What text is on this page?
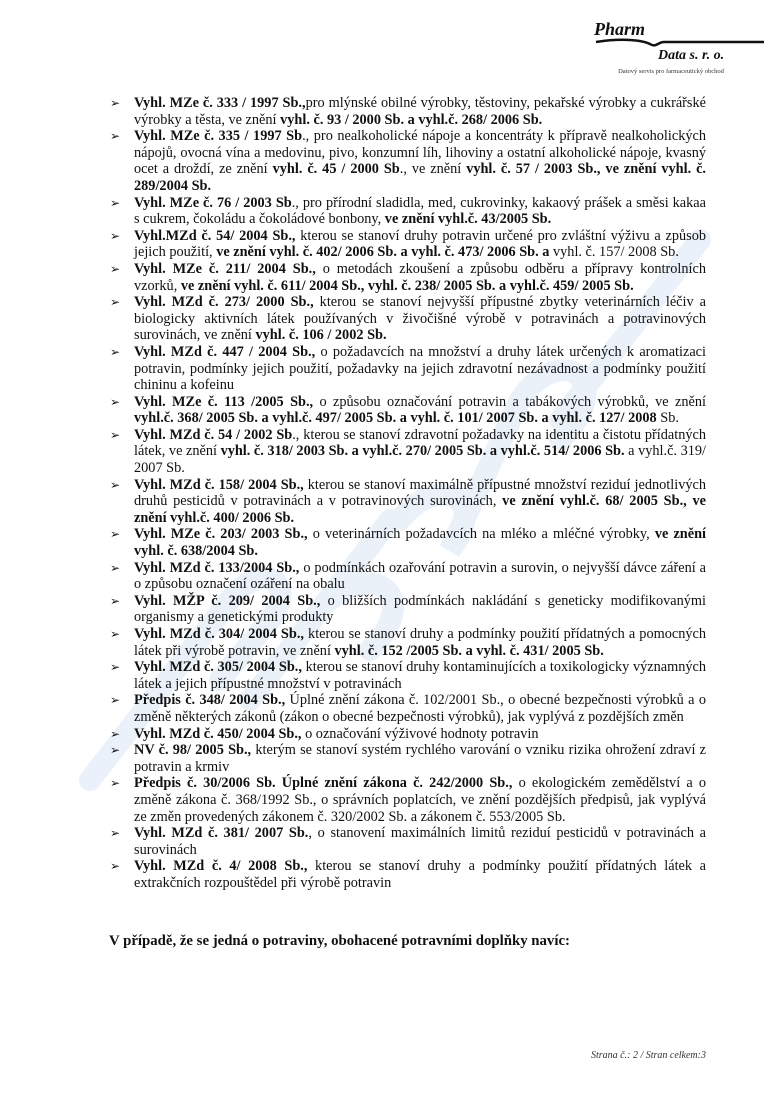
Pharm
Data s. r. o.
Datový servis pro farmaceutický obchod
➢ Vyhl. MZe č. 333 / 1997 Sb.,pro mlýnské obilné výrobky, těstoviny, pekařské výrobky a cukrářské výrobky a těsta, ve znění vyhl. č. 93 / 2000 Sb. a vyhl.č. 268/ 2006 Sb.
➢ Vyhl. MZe č. 335 / 1997 Sb., pro nealkoholické nápoje a koncentráty k přípravě nealkoholických nápojů, ovocná vína a medovinu, pivo, konzumní líh, lihoviny a ostatní alkoholické nápoje, kvasný ocet a droždí, ze znění vyhl. č. 45 / 2000 Sb., ve znění vyhl. č. 57 / 2003 Sb., ve znění vyhl. č. 289/2004 Sb.
➢ Vyhl. MZe č. 76 / 2003 Sb., pro přírodní sladidla, med, cukrovinky, kakaový prášek a směsi kakaa s cukrem, čokoládu a čokoládové bonbony, ve znění vyhl.č. 43/2005 Sb.
➢ Vyhl.MZd č. 54/ 2004 Sb., kterou se stanoví druhy potravin určené pro zvláštní výživu a způsob jejich použití, ve znění vyhl. č. 402/ 2006 Sb. a vyhl. č. 473/ 2006 Sb. a vyhl. č. 157/ 2008 Sb.
➢ Vyhl. MZe č. 211/ 2004 Sb., o metodách zkoušení a způsobu odběru a přípravy kontrolních vzorků, ve znění vyhl. č. 611/ 2004 Sb., vyhl. č. 238/ 2005 Sb. a vyhl.č. 459/ 2005 Sb.
➢ Vyhl. MZd č. 273/ 2000 Sb., kterou se stanoví nejvyšší přípustné zbytky veterinárních léčiv a biologicky aktivních látek používaných v živočišné výrobě v potravinách a potravinových surovinách, ve znění vyhl. č. 106 / 2002 Sb.
➢ Vyhl. MZd č. 447 / 2004 Sb., o požadavcích na množství a druhy látek určených k aromatizaci potravin, podmínky jejich použití, požadavky na jejich zdravotní nezávadnost a podmínky použití chininu a kofeinu
➢ Vyhl. MZe č. 113 /2005 Sb., o způsobu označování potravin a tabákových výrobků, ve znění vyhl.č. 368/ 2005 Sb. a vyhl.č. 497/ 2005 Sb. a vyhl. č. 101/ 2007 Sb. a vyhl. č. 127/ 2008 Sb.
➢ Vyhl. MZd č. 54 / 2002 Sb., kterou se stanoví zdravotní požadavky na identitu a čistotu přídatných látek, ve znění vyhl. č. 318/ 2003 Sb. a vyhl.č. 270/ 2005 Sb. a vyhl.č. 514/ 2006 Sb. a vyhl.č. 319/ 2007 Sb.
➢ Vyhl. MZd č. 158/ 2004 Sb., kterou se stanoví maximálně přípustné množství reziduí jednotlivých druhů pesticidů v potravinách a v potravinových surovinách, ve znění vyhl.č. 68/ 2005 Sb., ve znění vyhl.č. 400/ 2006 Sb.
➢ Vyhl. MZe č. 203/ 2003 Sb., o veterinárních požadavcích na mléko a mléčné výrobky, ve znění vyhl. č. 638/2004 Sb.
➢ Vyhl. MZd č. 133/2004 Sb., o podmínkách ozařování potravin a surovin, o nejvyšší dávce záření a o způsobu označení ozáření na obalu
➢ Vyhl. MŽP č. 209/ 2004 Sb., o bližších podmínkách nakládání s geneticky modifikovanými organismy a genetickými produkty
➢ Vyhl. MZd č. 304/ 2004 Sb., kterou se stanoví druhy a podmínky použití přídatných a pomocných látek při výrobě potravin, ve znění vyhl. č. 152 /2005 Sb. a vyhl. č. 431/ 2005 Sb.
➢ Vyhl. MZd č. 305/ 2004 Sb., kterou se stanoví druhy kontaminujících a toxikologicky významných látek a jejich přípustné množství v potravinách
➢ Předpis č. 348/ 2004 Sb., Úplné znění zákona č. 102/2001 Sb., o obecné bezpečnosti výrobků a o změně některých zákonů (zákon o obecné bezpečnosti výrobků), jak vyplývá z pozdějších změn
➢ Vyhl. MZd č. 450/ 2004 Sb., o označování výživové hodnoty potravin
➢ NV č. 98/ 2005 Sb., kterým se stanoví systém rychlého varování o vzniku rizika ohrožení zdraví z potravin a krmiv
➢ Předpis č. 30/2006 Sb. Úplné znění zákona č. 242/2000 Sb., o ekologickém zemědělství a o změně zákona č. 368/1992 Sb., o správních poplatcích, ve znění pozdějších předpisů, jak vyplývá ze změn provedených zákonem č. 320/2002 Sb. a zákonem č. 553/2005 Sb.
➢ Vyhl. MZd č. 381/ 2007 Sb., o stanovení maximálních limitů reziduí pesticidů v potravinách a surovinách
➢ Vyhl. MZd č. 4/ 2008 Sb., kterou se stanoví druhy a podmínky použití přídatných látek a extrakčních rozpouštědel při výrobě potravin
V případě, že se jedná o potraviny, obohacené potravními doplňky navíc:
Strana č.: 2 / Stran celkem:3
